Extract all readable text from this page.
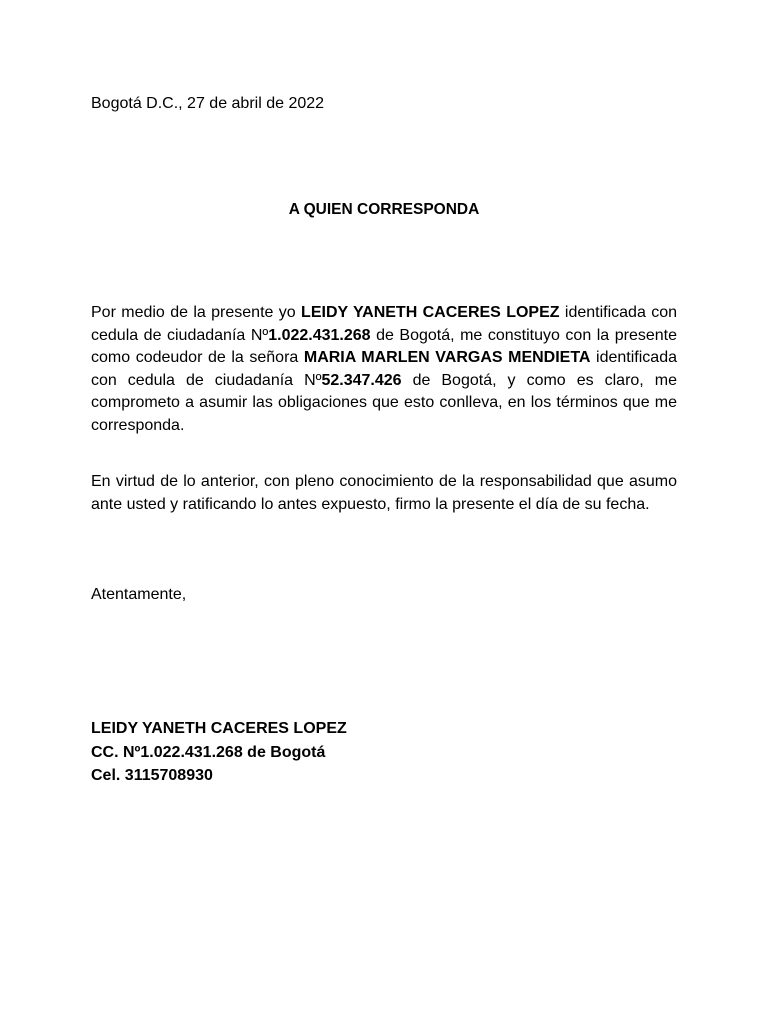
Bogotá D.C., 27 de abril de 2022
A QUIEN CORRESPONDA

Por medio de la presente yo LEIDY YANETH CACERES LOPEZ identificada con cedula de ciudadanía Nº1.022.431.268 de Bogotá, me constituyo con la presente como codeudor de la señora MARIA MARLEN VARGAS MENDIETA identificada con cedula de ciudadanía Nº52.347.426 de Bogotá, y como es claro, me comprometo a asumir las obligaciones que esto conlleva, en los términos que me corresponda.

En virtud de lo anterior, con pleno conocimiento de la responsabilidad que asumo ante usted y ratificando lo antes expuesto, firmo la presente el día de su fecha.

Atentamente,
LEIDY YANETH CACERES LOPEZ
CC. Nº1.022.431.268 de Bogotá
Cel. 3115708930
